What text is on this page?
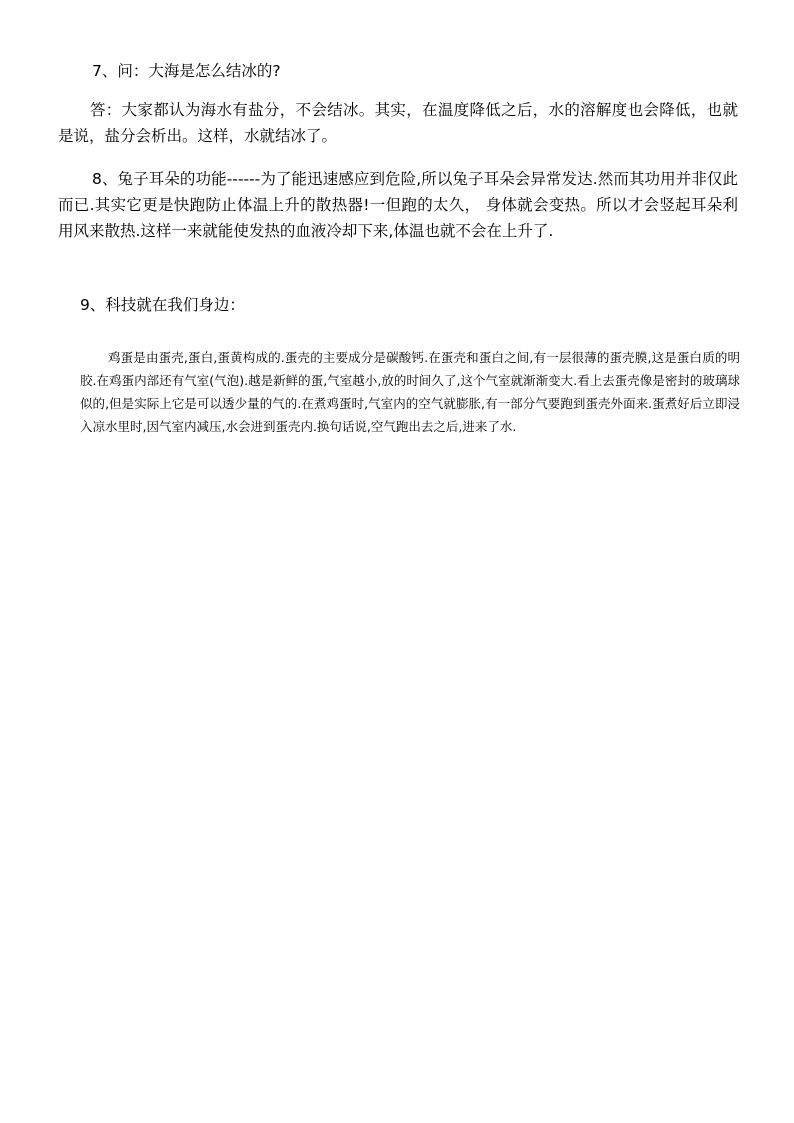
7、问：大海是怎么结冰的?

答：大家都认为海水有盐分，不会结冰。其实，在温度降低之后，水的溶解度也会降低，也就是说，盐分会析出。这样，水就结冰了。

8、兔子耳朵的功能------为了能迅速感应到危险,所以兔子耳朵会异常发达.然而其功用并非仅此而已.其实它更是快跑防止体温上升的散热器!一但跑的太久， 身体就会变热。所以才会竖起耳朵利用风来散热.这样一来就能使发热的血液冷却下来,体温也就不会在上升了.

9、科技就在我们身边：

鸡蛋是由蛋壳,蛋白,蛋黄构成的.蛋壳的主要成分是碳酸钙.在蛋壳和蛋白之间,有一层很薄的蛋壳膜,这是蛋白质的明胶.在鸡蛋内部还有气室(气泡).越是新鲜的蛋,气室越小,放的时间久了,这个气室就渐渐变大.看上去蛋壳像是密封的玻璃球似的,但是实际上它是可以透少量的气的.在煮鸡蛋时,气室内的空气就膨胀,有一部分气要跑到蛋壳外面来.蛋煮好后立即浸入凉水里时,因气室内减压,水会进到蛋壳内.换句话说,空气跑出去之后,进来了水.
